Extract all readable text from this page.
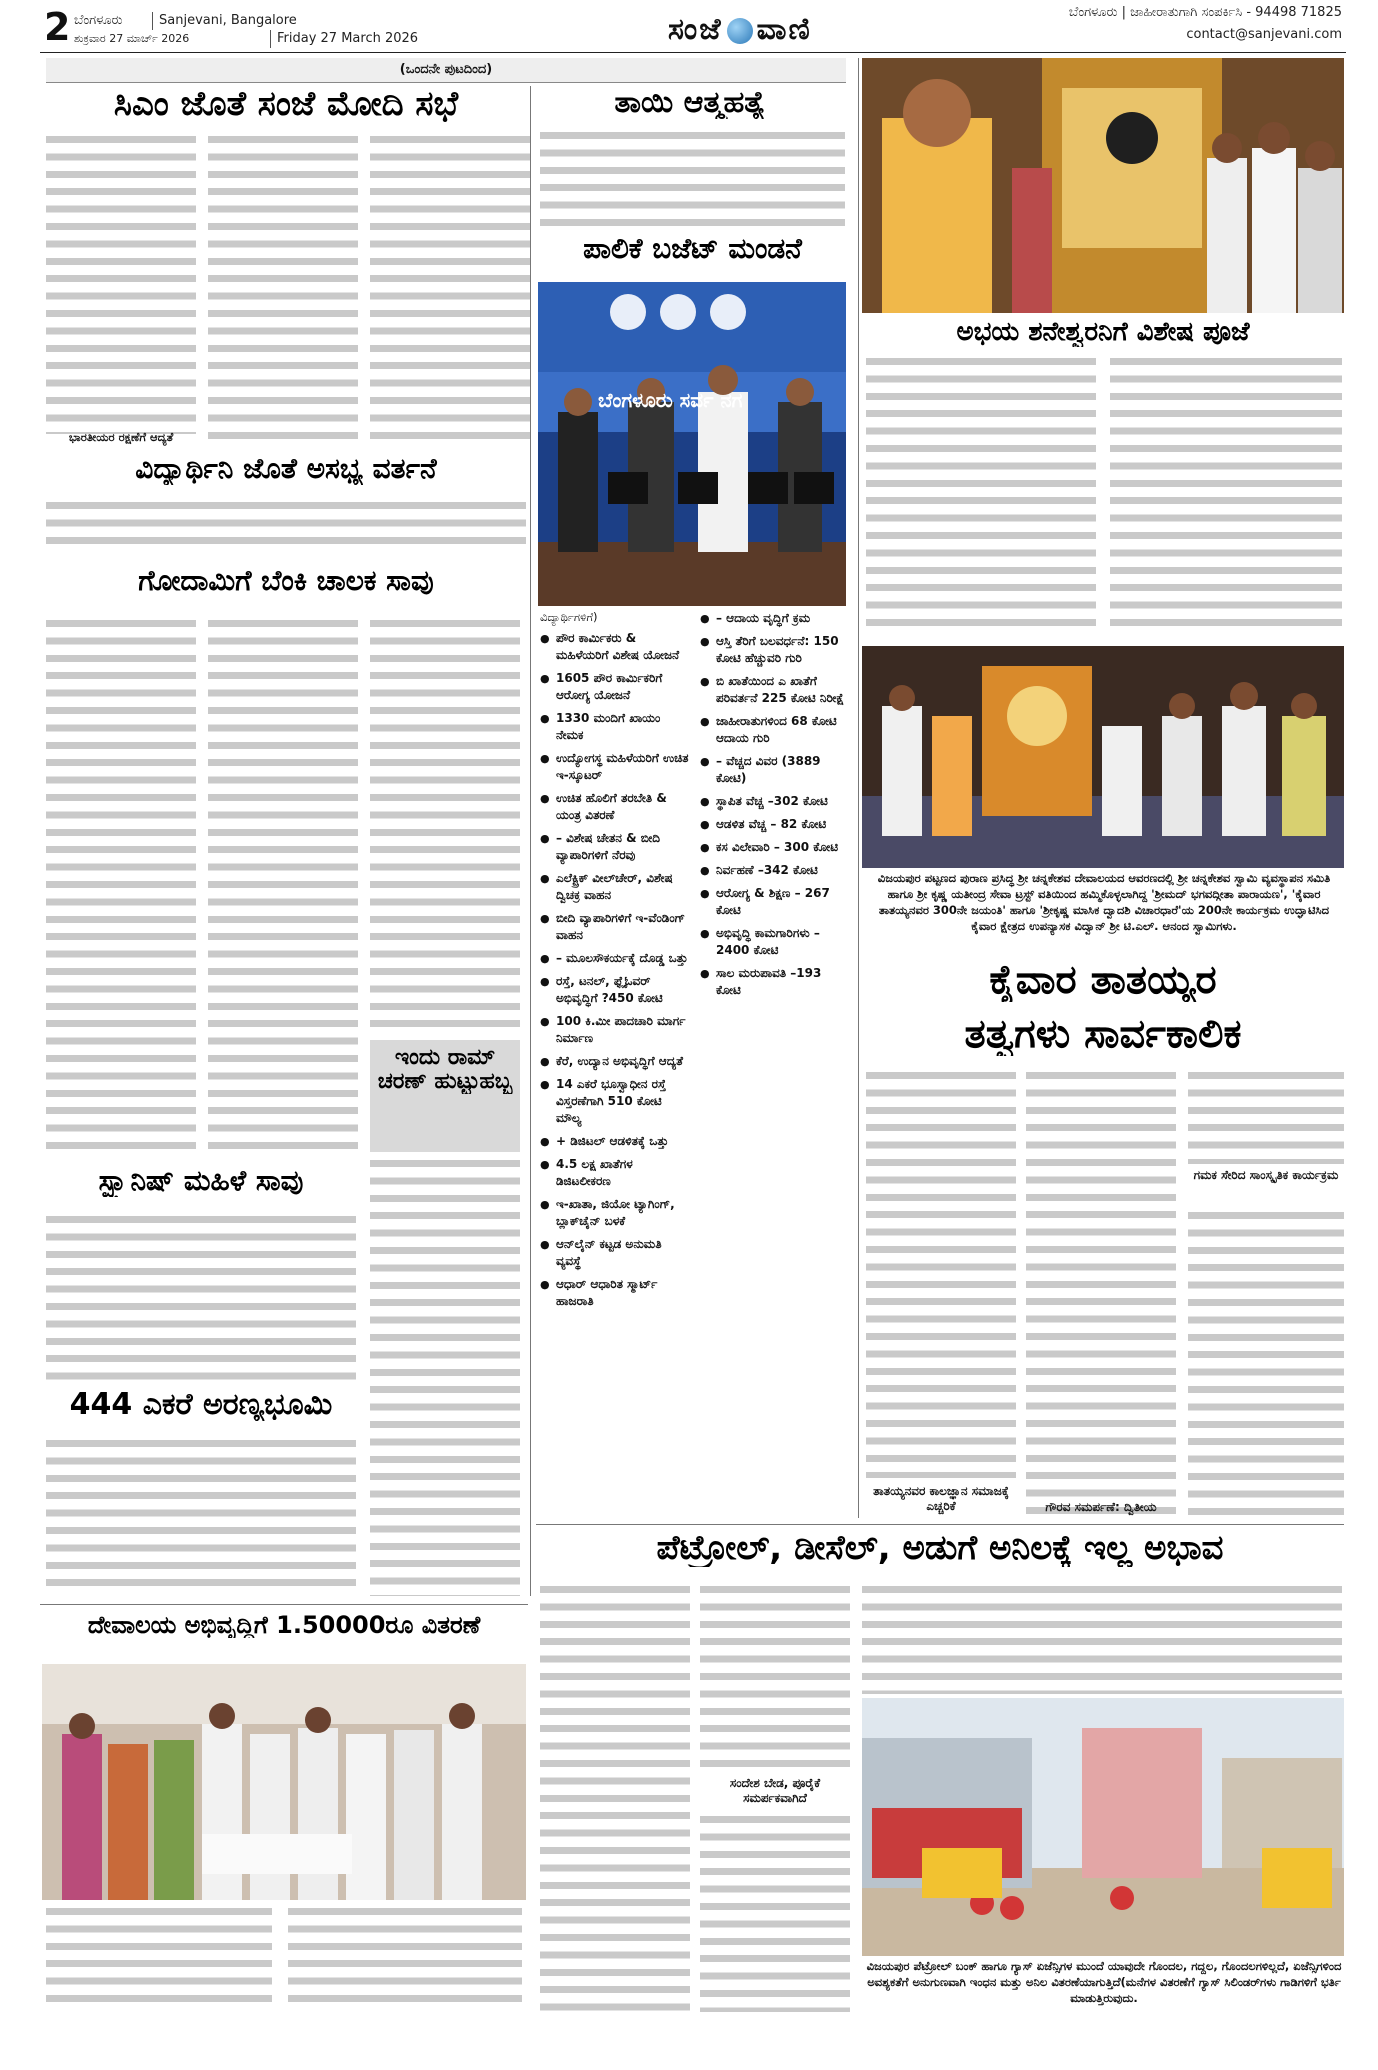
2 ಬೆಂಗಳೂರು
ಶುಕ್ರವಾರ 27 ಮಾರ್ಚ್ 2026
Sanjevani, Bangalore
Friday 27 March 2026	ಸಂಜೆ ವಾಣಿ	ಬೆಂಗಳೂರು | ಜಾಹೀರಾತುಗಾಗಿ ಸಂಪರ್ಕಿಸಿ - 94498 71825
contact@sanjevani.com
(ಒಂದನೇ ಪುಟದಿಂದ)
ಸಿಎಂ ಜೊತೆ ಸಂಜೆ ಮೋದಿ ಸಭೆ
ಭಾರತೀಯರ ರಕ್ಷಣೆಗೆ ಆದ್ಯತೆ
ತಾಯಿ ಆತ್ಮಹತ್ಯೆ
ಪಾಲಿಕೆ ಬಜೆಟ್ ಮಂಡನೆ
ಬೆಂಗಳೂರು ಸರ್ವ ನಗ
ವಿದ್ಯಾರ್ಥಿಗಳಿಗೆ)
● ಪೌರ ಕಾರ್ಮಿಕರು & ಮಹಿಳೆಯರಿಗೆ ವಿಶೇಷ ಯೋಜನೆ
● 1605 ಪೌರ ಕಾರ್ಮಿಕರಿಗೆ ಆರೋಗ್ಯ ಯೋಜನೆ
● 1330 ಮಂದಿಗೆ ಖಾಯಂ ನೇಮಕ
● ಉದ್ಯೋಗಸ್ಥ ಮಹಿಳೆಯರಿಗೆ ಉಚಿತ ಇ-ಸ್ಕೂಟರ್
● ಉಚಿತ ಹೊಲಿಗೆ ತರಬೇತಿ & ಯಂತ್ರ ವಿತರಣೆ
● – ವಿಶೇಷ ಚೇತನ & ಬೀದಿ ವ್ಯಾಪಾರಿಗಳಿಗೆ ನೆರವು
● ಎಲೆಕ್ಟ್ರಿಕ್ ವೀಲ್‌ಚೇರ್, ವಿಶೇಷ ದ್ವಿಚಕ್ರ ವಾಹನ
● ಬೀದಿ ವ್ಯಾಪಾರಿಗಳಿಗೆ ಇ-ವೆಂಡಿಂಗ್ ವಾಹನ
● – ಮೂಲಸೌಕರ್ಯಕ್ಕೆ ದೊಡ್ಡ ಒತ್ತು
● ರಸ್ತೆ, ಟನಲ್, ಫ್ಲೈಓವರ್ ಅಭಿವೃದ್ಧಿಗೆ ?450 ಕೋಟಿ
● 100 ಕಿ.ಮೀ ಪಾದಚಾರಿ ಮಾರ್ಗ ನಿರ್ಮಾಣ
● ಕೆರೆ, ಉದ್ಯಾನ ಅಭಿವೃದ್ಧಿಗೆ ಆದ್ಯತೆ
● 14 ಎಕರೆ ಭೂಸ್ವಾಧೀನ ರಸ್ತೆ ವಿಸ್ತರಣೆಗಾಗಿ 510 ಕೋಟಿ ಮೌಲ್ಯ
● + ಡಿಜಿಟಲ್ ಆಡಳಿತಕ್ಕೆ ಒತ್ತು
● 4.5 ಲಕ್ಷ ಖಾತೆಗಳ ಡಿಜಿಟಲೀಕರಣ
● ಇ-ಖಾತಾ, ಜಿಯೋ ಟ್ಯಾಗಿಂಗ್, ಬ್ಲಾಕ್‌ಚೈನ್ ಬಳಕೆ
● ಆನ್‌ಲೈನ್ ಕಟ್ಟಡ ಅನುಮತಿ ವ್ಯವಸ್ಥೆ
● ಆಧಾರ್ ಆಧಾರಿತ ಸ್ಮಾರ್ಟ್ ಹಾಜರಾತಿ
● – ಆದಾಯ ವೃದ್ಧಿಗೆ ಕ್ರಮ
● ಆಸ್ತಿ ತೆರಿಗೆ ಬಲವರ್ಧನೆ: 150 ಕೋಟಿ ಹೆಚ್ಚುವರಿ ಗುರಿ
● ಬಿ ಖಾತೆಯಿಂದ ಎ ಖಾತೆಗೆ ಪರಿವರ್ತನೆ 225 ಕೋಟಿ ನಿರೀಕ್ಷೆ
● ಜಾಹೀರಾತುಗಳಿಂದ 68 ಕೋಟಿ ಆದಾಯ ಗುರಿ
● – ವೆಚ್ಚದ ವಿವರ (3889 ಕೋಟಿ)
● ಸ್ಥಾಪಿತ ವೆಚ್ಚ –302 ಕೋಟಿ
● ಆಡಳಿತ ವೆಚ್ಚ – 82 ಕೋಟಿ
● ಕಸ ವಿಲೇವಾರಿ – 300 ಕೋಟಿ
● ನಿರ್ವಹಣೆ –342 ಕೋಟಿ
● ಆರೋಗ್ಯ & ಶಿಕ್ಷಣ – 267 ಕೋಟಿ
● ಅಭಿವೃದ್ಧಿ ಕಾಮಗಾರಿಗಳು – 2400 ಕೋಟಿ
● ಸಾಲ ಮರುಪಾವತಿ –193 ಕೋಟಿ
ವಿದ್ಯಾರ್ಥಿನಿ ಜೊತೆ ಅಸಭ್ಯ ವರ್ತನೆ
ಗೋದಾಮಿಗೆ ಬೆಂಕಿ ಚಾಲಕ ಸಾವು
ಇಂದು ರಾಮ್ ಚರಣ್ ಹುಟ್ಟುಹಬ್ಬ
ಸ್ಪ್ಯಾನಿಷ್ ಮಹಿಳೆ ಸಾವು
444 ಎಕರೆ ಅರಣ್ಯಭೂಮಿ
ಅಭಯ ಶನೇಶ್ವರನಿಗೆ ವಿಶೇಷ ಪೂಜೆ
ವಿಜಯಪುರ ಪಟ್ಟಣದ ಪುರಾಣ ಪ್ರಸಿದ್ಧ ಶ್ರೀ ಚನ್ನಕೇಶವ ದೇವಾಲಯದ ಆವರಣದಲ್ಲಿ ಶ್ರೀ ಚನ್ನಕೇಶವ ಸ್ವಾಮಿ ವ್ಯವಸ್ಥಾಪನ ಸಮಿತಿ ಹಾಗೂ ಶ್ರೀ ಕೃಷ್ಣ ಯತೀಂದ್ರ ಸೇವಾ ಟ್ರಸ್ಟ್ ವತಿಯಿಂದ ಹಮ್ಮಿಕೊಳ್ಳಲಾಗಿದ್ದ 'ಶ್ರೀಮದ್ ಭಗವದ್ಗೀತಾ ಪಾರಾಯಣ', 'ಕೈವಾರ ತಾತಯ್ಯನವರ 300ನೇ ಜಯಂತಿ' ಹಾಗೂ 'ಶ್ರೀಕೃಷ್ಣ ಮಾಸಿಕ ದ್ವಾದಶಿ ವಿಚಾರಧಾರೆ'ಯ 200ನೇ ಕಾರ್ಯಕ್ರಮ ಉದ್ಘಾಟಿಸಿದ ಕೈವಾರ ಕ್ಷೇತ್ರದ ಉಪನ್ಯಾಸಕ ವಿದ್ವಾನ್ ಶ್ರೀ ಟಿ.ಎಲ್. ಆನಂದ ಸ್ವಾಮಿಗಳು.
ಕೈವಾರ ತಾತಯ್ಯರ
ತತ್ವಗಳು ಸಾರ್ವಕಾಲಿಕ
ಗಮಕ ಸೇರಿದ ಸಾಂಸ್ಕೃತಿಕ ಕಾರ್ಯಕ್ರಮ
ತಾತಯ್ಯನವರ ಕಾಲಜ್ಞಾನ ಸಮಾಜಕ್ಕೆ ಎಚ್ಚರಿಕೆ	ಗೌರವ ಸಮರ್ಪಣೆ: ದ್ವಿತೀಯ
ಪೆಟ್ರೋಲ್, ಡೀಸೆಲ್, ಅಡುಗೆ ಅನಿಲಕ್ಕೆ ಇಲ್ಲ ಅಭಾವ
ಸಂದೇಶ ಬೇಡ, ಪೂರೈಕೆ ಸಮರ್ಪಕವಾಗಿದೆ
ವಿಜಯಪುರ ಪೆಟ್ರೋಲ್ ಬಂಕ್ ಹಾಗೂ ಗ್ಯಾಸ್ ಏಜೆನ್ಸಿಗಳ ಮುಂದೆ ಯಾವುದೇ ಗೊಂದಲ, ಗದ್ದಲ, ಗೊಂದಲಗಳಿಲ್ಲದೆ, ಏಜೆನ್ಸಿಗಳಿಂದ ಅವಶ್ಯಕತೆಗೆ ಅನುಗುಣವಾಗಿ ಇಂಧನ ಮತ್ತು ಅನಿಲ ವಿತರಣೆಯಾಗುತ್ತಿದೆ(ಮನೆಗಳ ವಿತರಣೆಗೆ ಗ್ಯಾಸ್ ಸಿಲಿಂಡರ್‌ಗಳು ಗಾಡಿಗಳಿಗೆ ಭರ್ತಿ ಮಾಡುತ್ತಿರುವುದು.
ದೇವಾಲಯ ಅಭಿವೃದ್ಧಿಗೆ 1.50000ರೂ ವಿತರಣೆ
